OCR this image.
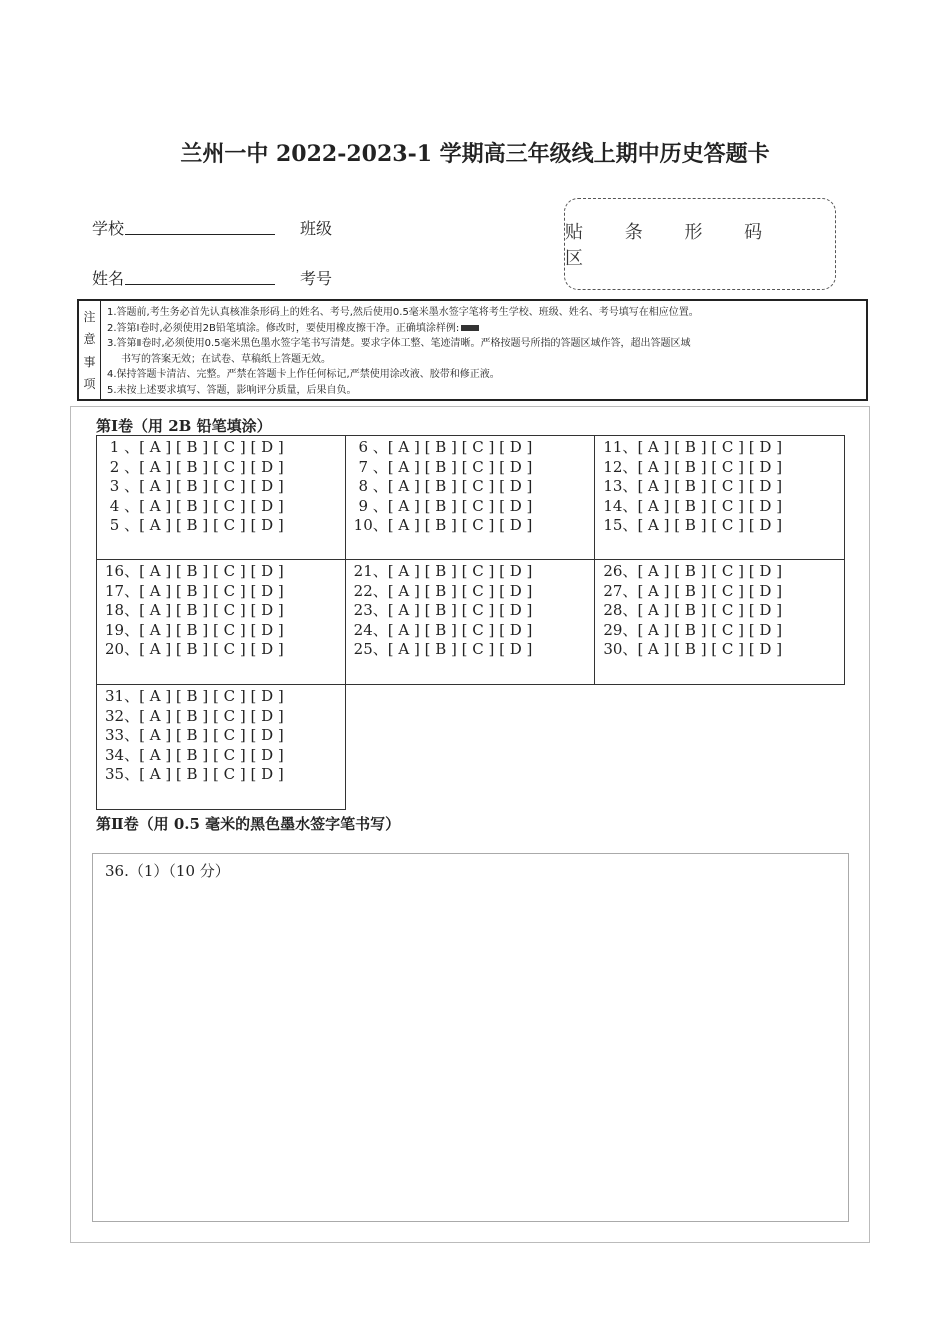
兰州一中 2022-2023-1 学期高三年级线上期中历史答题卡
学校	班级
姓名	考号
贴 条 形 码 区
注
意
事
项
1.答题前,考生务必首先认真核准条形码上的姓名、考号,然后使用0.5毫米墨水签字笔将考生学校、班级、姓名、考号填写在相应位置。
2.答第Ⅰ卷时,必须使用2B铅笔填涂。修改时，要使用橡皮擦干净。正确填涂样例:
3.答第Ⅱ卷时,必须使用0.5毫米黑色墨水签字笔书写清楚。要求字体工整、笔迹清晰。严格按题号所指的答题区域作答，超出答题区域
书写的答案无效；在试卷、草稿纸上答题无效。
4.保持答题卡清洁、完整。严禁在答题卡上作任何标记,严禁使用涂改液、胶带和修正液。
5.未按上述要求填写、答题，影响评分质量，后果自负。
第Ⅰ卷（用 2B 铅笔填涂）
1 、[ A ] [ B ] [ C ] [ D ]
2 、[ A ] [ B ] [ C ] [ D ]
3 、[ A ] [ B ] [ C ] [ D ]
4 、[ A ] [ B ] [ C ] [ D ]
5 、[ A ] [ B ] [ C ] [ D ]
6 、[ A ] [ B ] [ C ] [ D ]
7 、[ A ] [ B ] [ C ] [ D ]
8 、[ A ] [ B ] [ C ] [ D ]
9 、[ A ] [ B ] [ C ] [ D ]
10、[ A ] [ B ] [ C ] [ D ]
11、[ A ] [ B ] [ C ] [ D ]
12、[ A ] [ B ] [ C ] [ D ]
13、[ A ] [ B ] [ C ] [ D ]
14、[ A ] [ B ] [ C ] [ D ]
15、[ A ] [ B ] [ C ] [ D ]
16、[ A ] [ B ] [ C ] [ D ]
17、[ A ] [ B ] [ C ] [ D ]
18、[ A ] [ B ] [ C ] [ D ]
19、[ A ] [ B ] [ C ] [ D ]
20、[ A ] [ B ] [ C ] [ D ]
21、[ A ] [ B ] [ C ] [ D ]
22、[ A ] [ B ] [ C ] [ D ]
23、[ A ] [ B ] [ C ] [ D ]
24、[ A ] [ B ] [ C ] [ D ]
25、[ A ] [ B ] [ C ] [ D ]
26、[ A ] [ B ] [ C ] [ D ]
27、[ A ] [ B ] [ C ] [ D ]
28、[ A ] [ B ] [ C ] [ D ]
29、[ A ] [ B ] [ C ] [ D ]
30、[ A ] [ B ] [ C ] [ D ]
31、[ A ] [ B ] [ C ] [ D ]
32、[ A ] [ B ] [ C ] [ D ]
33、[ A ] [ B ] [ C ] [ D ]
34、[ A ] [ B ] [ C ] [ D ]
35、[ A ] [ B ] [ C ] [ D ]
第Ⅱ卷（用 0.5 毫米的黑色墨水签字笔书写）
36.（1）（10 分）
